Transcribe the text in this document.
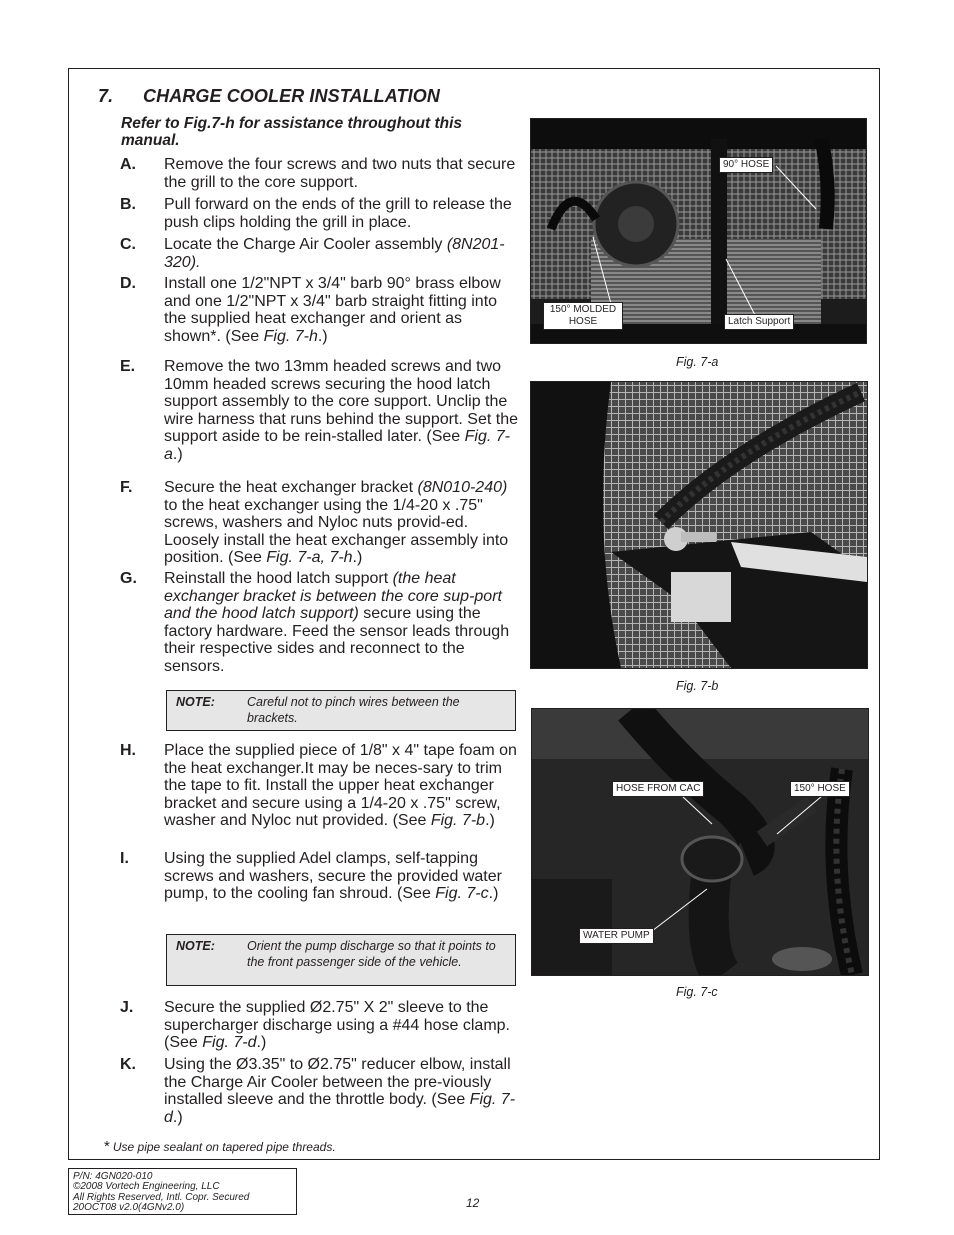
7. CHARGE COOLER INSTALLATION
Refer to Fig.7-h for assistance throughout this manual.
A. Remove the four screws and two nuts that secure the grill to the core support.
B. Pull forward on the ends of the grill to release the push clips holding the grill in place.
C. Locate the Charge Air Cooler assembly (8N201-320).
D. Install one 1/2"NPT x 3/4" barb 90° brass elbow and one 1/2"NPT x 3/4" barb straight fitting into the supplied heat exchanger and orient as shown*. (See Fig. 7-h.)
E. Remove the two 13mm headed screws and two 10mm headed screws securing the hood latch support assembly to the core support. Unclip the wire harness that runs behind the support. Set the support aside to be rein-stalled later. (See Fig. 7-a.)
F. Secure the heat exchanger bracket (8N010-240) to the heat exchanger using the 1/4-20 x .75" screws, washers and Nyloc nuts provid-ed. Loosely install the heat exchanger assembly into position. (See Fig. 7-a, 7-h.)
G. Reinstall the hood latch support (the heat exchanger bracket is between the core sup-port and the hood latch support) secure using the factory hardware. Feed the sensor leads through their respective sides and reconnect to the sensors.
NOTE:	Careful not to pinch wires between the brackets.
H. Place the supplied piece of 1/8" x 4" tape foam on the heat exchanger.It may be neces-sary to trim the tape to fit. Install the upper heat exchanger bracket and secure using a 1/4-20 x .75" screw, washer and Nyloc nut provided. (See Fig. 7-b.)
I. Using the supplied Adel clamps, self-tapping screws and washers, secure the provided water pump, to the cooling fan shroud. (See Fig. 7-c.)
NOTE:	Orient the pump discharge so that it points to the front passenger side of the vehicle.
J. Secure the supplied Ø2.75" X 2" sleeve to the supercharger discharge using a #44 hose clamp. (See Fig. 7-d.)
K. Using the Ø3.35" to Ø2.75" reducer elbow, install the Charge Air Cooler between the pre-viously installed sleeve and the throttle body. (See Fig. 7-d.)
* Use pipe sealant on tapered pipe threads.
90° HOSE
150° MOLDED HOSE	Latch Support
Fig. 7-a
Fig. 7-b
HOSE FROM CAC	150° HOSE
WATER PUMP
Fig. 7-c
P/N: 4GN020-010
©2008 Vortech Engineering, LLC
All Rights Reserved, Intl. Copr. Secured
20OCT08 v2.0(4GNv2.0)	12
